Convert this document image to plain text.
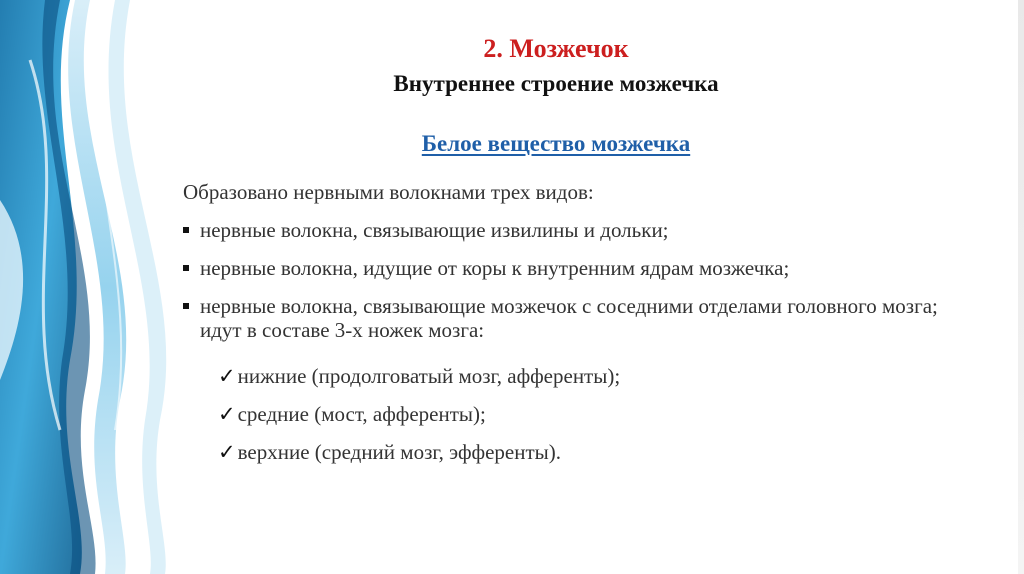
2. Мозжечок
Внутреннее строение мозжечка
Белое вещество мозжечка
Образовано нервными волокнами трех видов:
нервные волокна, связывающие извилины и дольки;
нервные волокна, идущие от коры к внутренним ядрам мозжечка;
нервные волокна, связывающие мозжечок с соседними отделами головного мозга; идут в составе 3-х ножек мозга:
✓нижние (продолговатый мозг, афференты);
✓средние (мост, афференты);
✓верхние (средний мозг, эфференты).
